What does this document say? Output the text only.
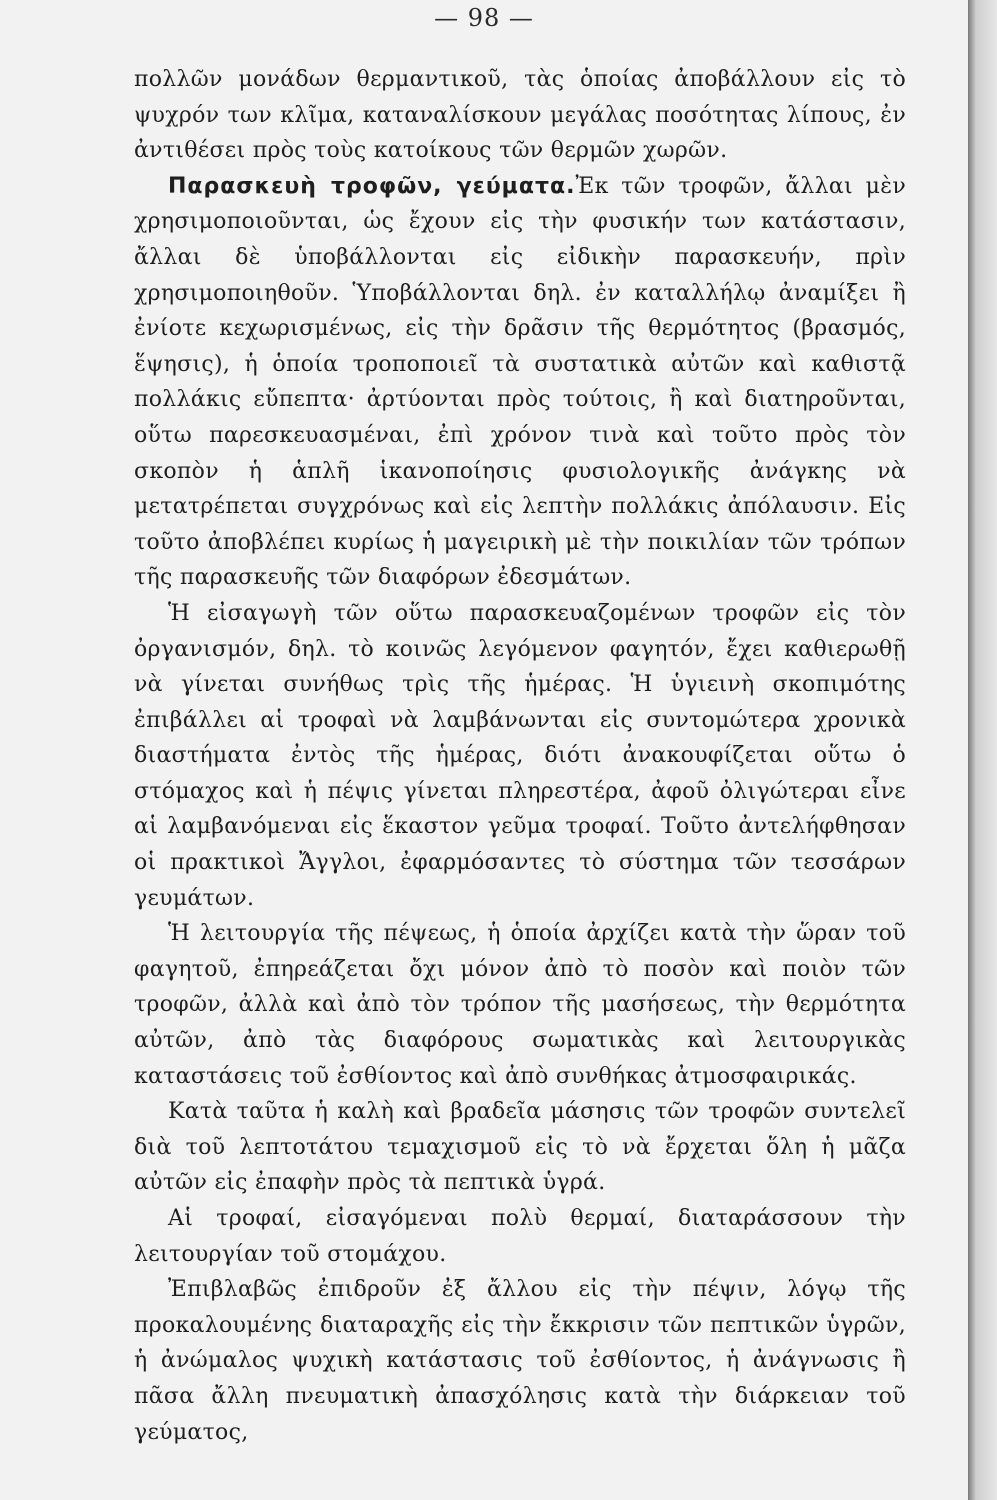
— 98 —

πολλῶν μονάδων θερμαντικοῦ, τὰς ὁποίας ἀποβάλλουν εἰς τὸ ψυχρόν των κλῖμα, καταναλίσκουν μεγάλας ποσότητας λίπους, ἐν ἀντιθέσει πρὸς τοὺς κατοίκους τῶν θερμῶν χωρῶν.

Παρασκευὴ τροφῶν, γεύματα.Ἐκ τῶν τροφῶν, ἄλλαι μὲν χρησιμοποιοῦνται, ὡς ἔχουν εἰς τὴν φυσικήν των κατάστασιν, ἄλλαι δὲ ὑποβάλλονται εἰς εἰδικὴν παρασκευήν, πρὶν χρησιμοποιηθοῦν. Ὑποβάλλονται δηλ. ἐν καταλλήλῳ ἀναμίξει ἢ ἐνίοτε κεχωρισμένως, εἰς τὴν δρᾶσιν τῆς θερμότητος (βρασμός, ἕψησις), ἡ ὁποία τροποποιεῖ τὰ συστατικὰ αὐτῶν καὶ καθιστᾷ πολλάκις εὔπεπτα· ἀρτύονται πρὸς τούτοις, ἢ καὶ διατηροῦνται, οὕτω παρεσκευασμέναι, ἐπὶ χρόνον τινὰ καὶ τοῦτο πρὸς τὸν σκοπὸν ἡ ἁπλῆ ἱκανοποίησις φυσιολογικῆς ἀνάγκης νὰ μετατρέπεται συγχρόνως καὶ εἰς λεπτὴν πολλάκις ἀπόλαυσιν. Εἰς τοῦτο ἀποβλέπει κυρίως ἡ μαγειρικὴ μὲ τὴν ποικιλίαν τῶν τρόπων τῆς παρασκευῆς τῶν διαφόρων ἐδεσμάτων.

Ἡ εἰσαγωγὴ τῶν οὕτω παρασκευαζομένων τροφῶν εἰς τὸν ὀργανισμόν, δηλ. τὸ κοινῶς λεγόμενον φαγητόν, ἔχει καθιερωθῇ νὰ γίνεται συνήθως τρὶς τῆς ἡμέρας. Ἡ ὑγιεινὴ σκοπιμότης ἐπιβάλλει αἱ τροφαὶ νὰ λαμβάνωνται εἰς συντομώτερα χρονικὰ διαστήματα ἐντὸς τῆς ἡμέρας, διότι ἀνακουφίζεται οὕτω ὁ στόμαχος καὶ ἡ πέψις γίνεται πληρεστέρα, ἀφοῦ ὀλιγώτεραι εἶνε αἱ λαμβανόμεναι εἰς ἕκαστον γεῦμα τροφαί. Τοῦτο ἀντελήφθησαν οἱ πρακτικοὶ Ἄγγλοι, ἐφαρμόσαντες τὸ σύστημα τῶν τεσσάρων γευμάτων.

Ἡ λειτουργία τῆς πέψεως, ἡ ὁποία ἀρχίζει κατὰ τὴν ὥραν τοῦ φαγητοῦ, ἐπηρεάζεται ὄχι μόνον ἀπὸ τὸ ποσὸν καὶ ποιὸν τῶν τροφῶν, ἀλλὰ καὶ ἀπὸ τὸν τρόπον τῆς μασήσεως, τὴν θερμότητα αὐτῶν, ἀπὸ τὰς διαφόρους σωματικὰς καὶ λειτουργικὰς καταστάσεις τοῦ ἐσθίοντος καὶ ἀπὸ συνθήκας ἀτμοσφαιρικάς.

Κατὰ ταῦτα ἡ καλὴ καὶ βραδεῖα μάσησις τῶν τροφῶν συντελεῖ διὰ τοῦ λεπτοτάτου τεμαχισμοῦ εἰς τὸ νὰ ἔρχεται ὅλη ἡ μᾶζα αὐτῶν εἰς ἐπαφὴν πρὸς τὰ πεπτικὰ ὑγρά.

Αἱ τροφαί, εἰσαγόμεναι πολὺ θερμαί, διαταράσσουν τὴν λειτουργίαν τοῦ στομάχου.

Ἐπιβλαβῶς ἐπιδροῦν ἐξ ἄλλου εἰς τὴν πέψιν, λόγῳ τῆς προκαλουμένης διαταραχῆς εἰς τὴν ἔκκρισιν τῶν πεπτικῶν ὑγρῶν, ἡ ἀνώμαλος ψυχικὴ κατάστασις τοῦ ἐσθίοντος, ἡ ἀνάγνωσις ἢ πᾶσα ἄλλη πνευματικὴ ἀπασχόλησις κατὰ τὴν διάρκειαν τοῦ γεύματος,
